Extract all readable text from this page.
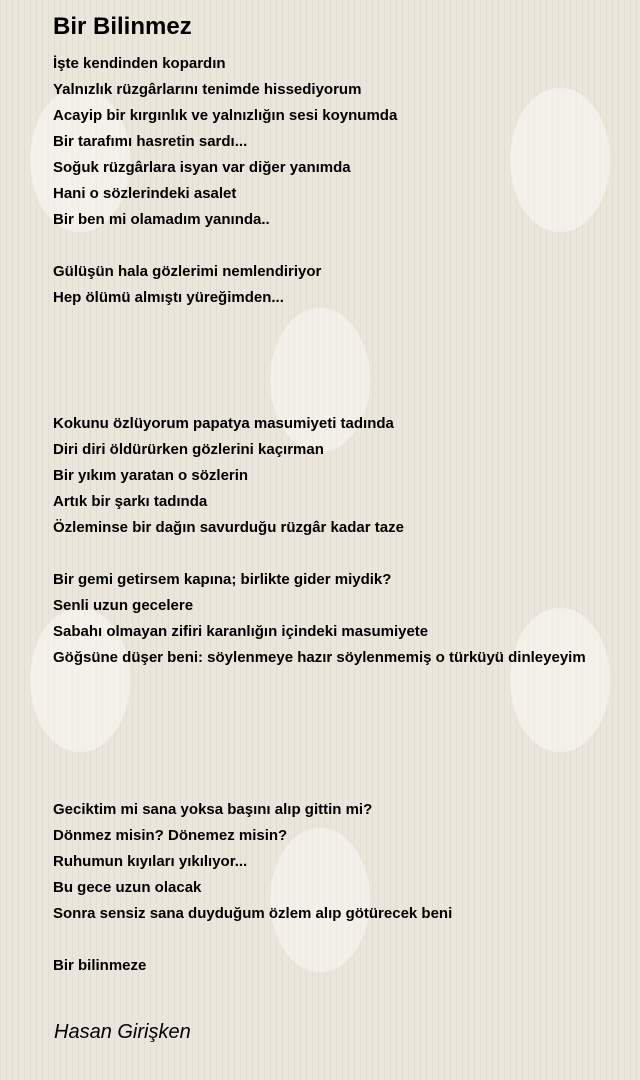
Bir Bilinmez
İşte kendinden kopardın
Yalnızlık rüzgârlarını tenimde hissediyorum
Acayip bir kırgınlık ve yalnızlığın sesi koynumda
Bir tarafımı hasretin sardı...
Soğuk rüzgârlara isyan var diğer yanımda
Hani o sözlerindeki asalet
Bir ben mi olamadım yanında..
Gülüşün hala gözlerimi nemlendiriyor
Hep ölümü almıştı yüreğimden...
Kokunu özlüyorum papatya masumiyeti tadında
Diri diri öldürürken gözlerini kaçırman
Bir yıkım yaratan o sözlerin
Artık bir şarkı tadında
Özleminse bir dağın savurduğu rüzgâr kadar taze
Bir gemi getirsem kapına; birlikte gider miydik?
Senli uzun gecelere
Sabahı olmayan zifiri karanlığın içindeki masumiyete
Göğsüne düşer beni: söylenmeye hazır söylenmemiş o türküyü dinleyeyim
Geciktim mi sana yoksa başını alıp gittin mi?
Dönmez misin? Dönemez misin?
Ruhumun kıyıları yıkılıyor...
Bu gece uzun olacak
Sonra sensiz sana duyduğum özlem alıp götürecek beni
Bir bilinmeze
Hasan Girişken
